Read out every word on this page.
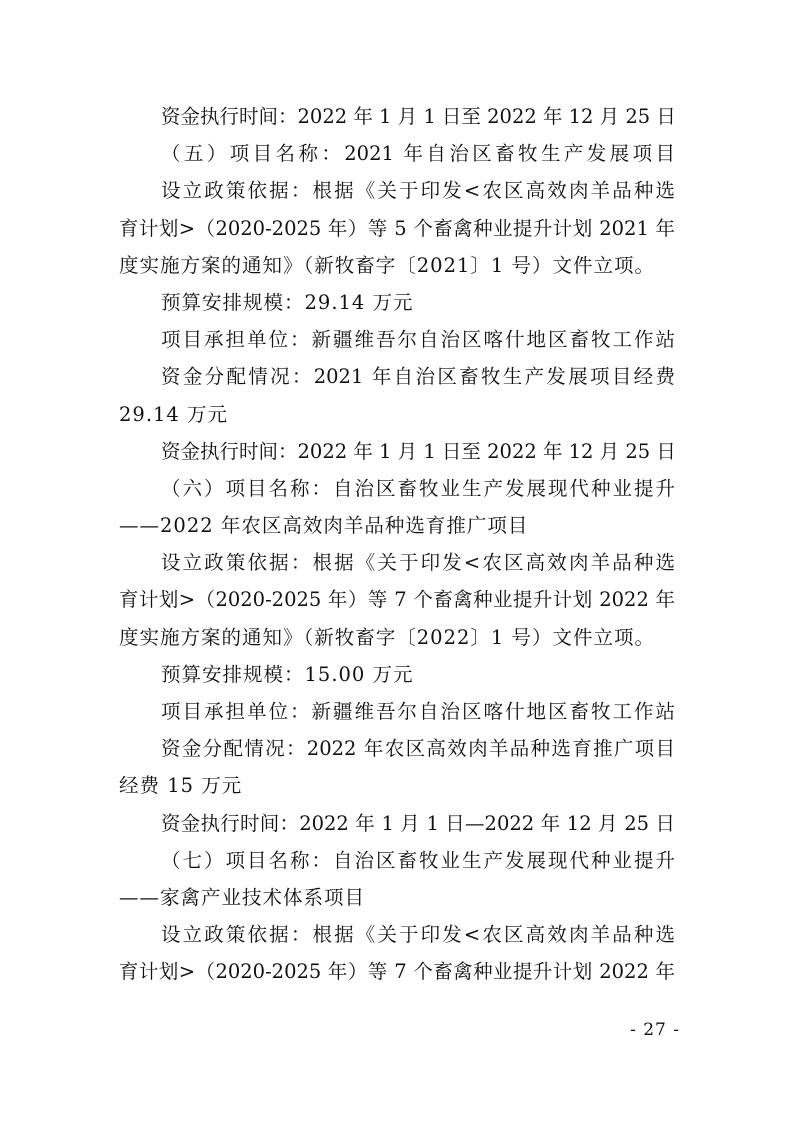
资金执行时间：2022 年 1 月 1 日至 2022 年 12 月 25 日
（五）项目名称：2021 年自治区畜牧生产发展项目
设立政策依据：根据《关于印发<农区高效肉羊品种选
育计划>（2020-2025 年）等 5 个畜禽种业提升计划 2021 年
度实施方案的通知》（新牧畜字〔2021〕1 号）文件立项。
预算安排规模：29.14 万元
项目承担单位：新疆维吾尔自治区喀什地区畜牧工作站
资金分配情况：2021 年自治区畜牧生产发展项目经费
29.14 万元
资金执行时间：2022 年 1 月 1 日至 2022 年 12 月 25 日
（六）项目名称：自治区畜牧业生产发展现代种业提升
——2022 年农区高效肉羊品种选育推广项目
设立政策依据：根据《关于印发<农区高效肉羊品种选
育计划>（2020-2025 年）等 7 个畜禽种业提升计划 2022 年
度实施方案的通知》（新牧畜字〔2022〕1 号）文件立项。
预算安排规模：15.00 万元
项目承担单位：新疆维吾尔自治区喀什地区畜牧工作站
资金分配情况：2022 年农区高效肉羊品种选育推广项目
经费 15 万元
资金执行时间：2022 年 1 月 1 日—2022 年 12 月 25 日
（七）项目名称：自治区畜牧业生产发展现代种业提升
——家禽产业技术体系项目
设立政策依据：根据《关于印发<农区高效肉羊品种选
育计划>（2020-2025 年）等 7 个畜禽种业提升计划 2022 年
- 27 -
